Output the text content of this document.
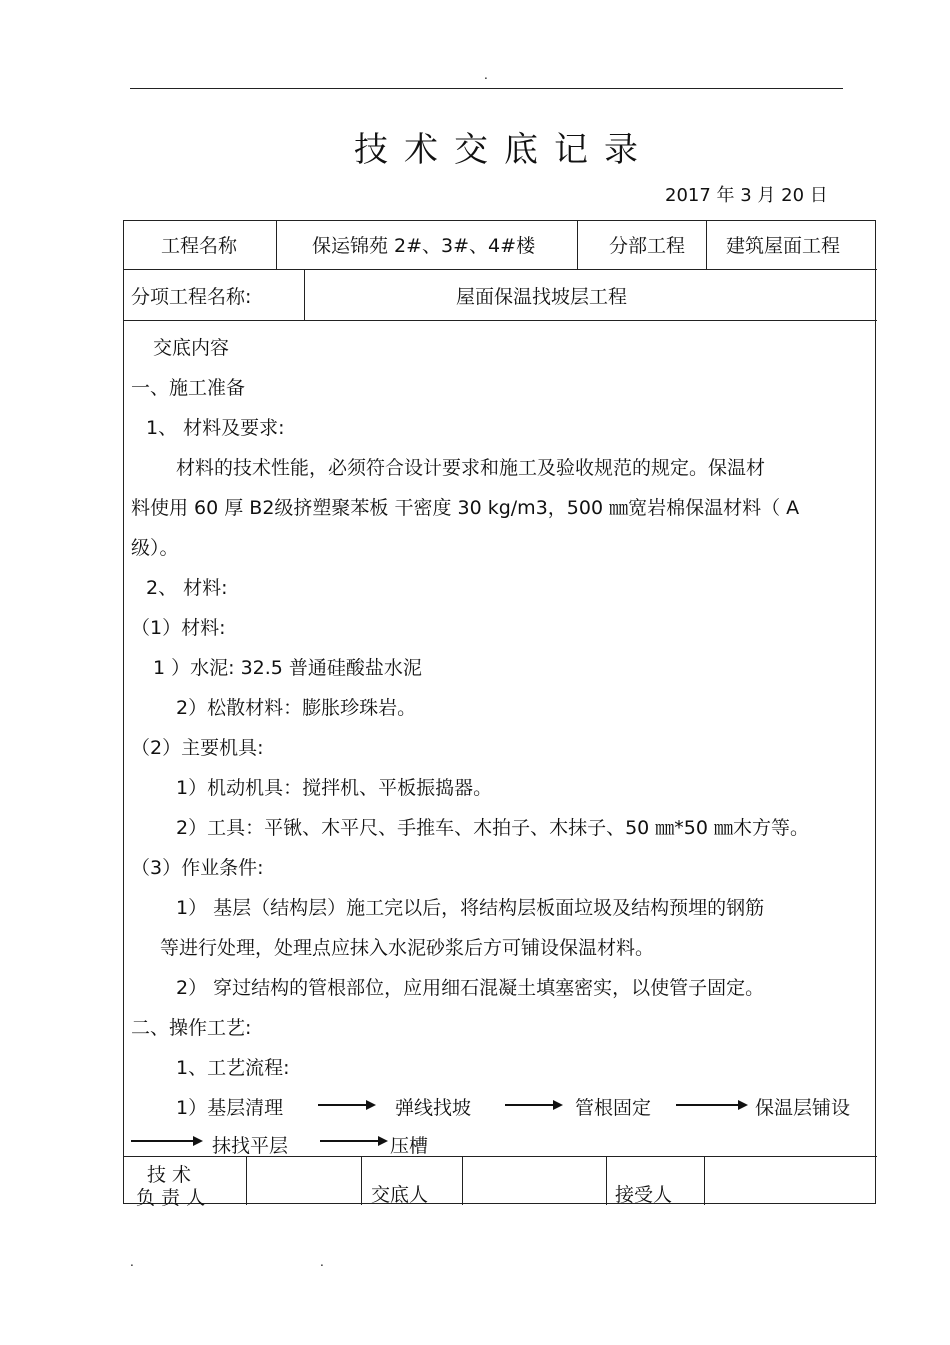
.
技术交底记录
2017 年 3 月 20 日
工程名称	保运锦苑 2#、3#、4#楼	分部工程 建筑屋面工程
分项工程名称:	屋面保温找坡层工程
交底内容
一、施工准备
1、 材料及要求:
材料的技术性能，必须符合设计要求和施工及验收规范的规定。保温材
料使用 60 厚 B2级挤塑聚苯板 干密度 30 kg/m3，500 ㎜宽岩棉保温材料（ A
级）。
2、 材料:
（1）材料:
1 ）水泥: 32.5 普通硅酸盐水泥
2）松散材料：膨胀珍珠岩。
（2）主要机具:
1）机动机具：搅拌机、平板振捣器。
2）工具：平锹、木平尺、手推车、木拍子、木抹子、50 ㎜*50 ㎜木方等。
（3）作业条件:
1） 基层（结构层）施工完以后，将结构层板面垃圾及结构预埋的钢筋
等进行处理，处理点应抹入水泥砂浆后方可铺设保温材料。
2） 穿过结构的管根部位，应用细石混凝土填塞密实，以使管子固定。
二、操作工艺:
1、工艺流程:
1）基层清理	弹线找坡	管根固定	保温层铺设
抹找平层	压槽
技 术
负 责 人	交底人	接受人
.	.
